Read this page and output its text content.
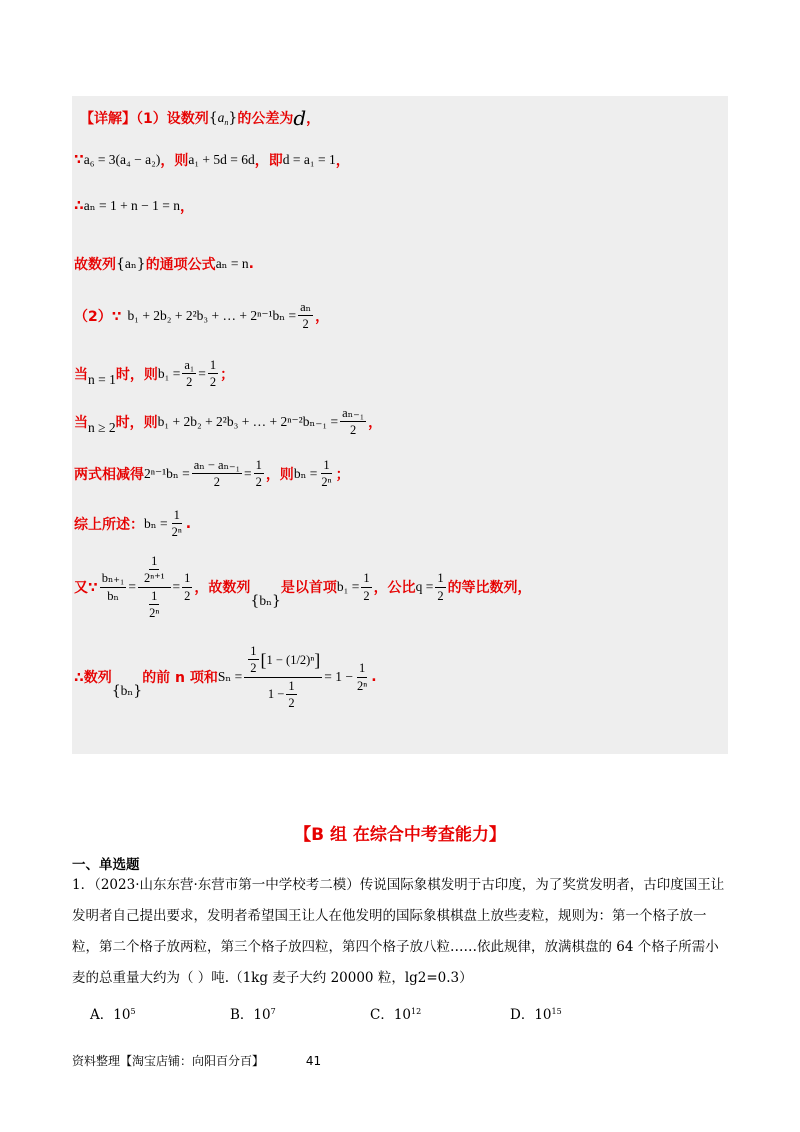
【详解】（1）设数列 $\{a_n\}$ 的公差为 d ，
∵ a₆ = 3(a₄ − a₂) ，则 a₁ + 5d = 6d ，即 d = a₁ = 1 ，
∴ aₙ = 1 + n − 1 = n ，
故数列 {aₙ} 的通项公式 aₙ = n .
（2）∵ b₁ + 2b₂ + 2²b₃ + … + $2^{n-1}b_n = \frac{\text{aₙ}}{2}$ ，
当 n = 1 时，则 $b_1 = \frac{\text{a₁}}{2} = \frac{1}{2}$ ；
当 n ≥ 2 时，则 b₁ + 2b₂ + 2²b₃ + … + $2^{n-2}b_{n-1} = \frac{\text{aₙ₋₁}}{2}$ ，
两式相减得 $2^{n-1}b_n = \frac{\text{aₙ − aₙ₋₁}}{2} = \frac{1}{2}$ ，则 $b_n = \frac{1}{\text{2ⁿ}}$ ；
综上所述： $b_n = \frac{1}{\text{2ⁿ}}$ .
又∵ $\frac{\text{bₙ₊₁}}{\text{bₙ}} = \frac{\frac{1}{\text{2ⁿ⁺¹}}}{\frac{1}{\text{2ⁿ}}} = \frac{1}{2}$ ，故数列
{bₙ}
是以首项 $b_1 = \frac{1}{2}$ ，公比 $q = \frac{1}{2}$ 的等比数列，
∴数列
{bₙ}
的前 n 项和 $S_n = \frac{\frac{1}{2} [ 1 - (1/2)^n ]}{1 - \frac{1}{2}} = 1 - \frac{1}{\text{2ⁿ}}$ .
【B 组 在综合中考查能力】
一、单选题
1．（2023·山东东营·东营市第一中学校考二模）传说国际象棋发明于古印度，为了奖赏发明者，古印度国王让发明者自己提出要求，发明者希望国王让人在他发明的国际象棋棋盘上放些麦粒，规则为：第一个格子放一粒，第二个格子放两粒，第三个格子放四粒，第四个格子放八粒……依此规律，放满棋盘的 64 个格子所需小麦的总重量大约为（ ）吨.（1kg 麦子大约 20000 粒，lg2=0.3）
A．$10^5$	B．$10^7$	C．$10^{12}$	D．$10^{15}$
资料整理【淘宝店铺：向阳百分百】	41
